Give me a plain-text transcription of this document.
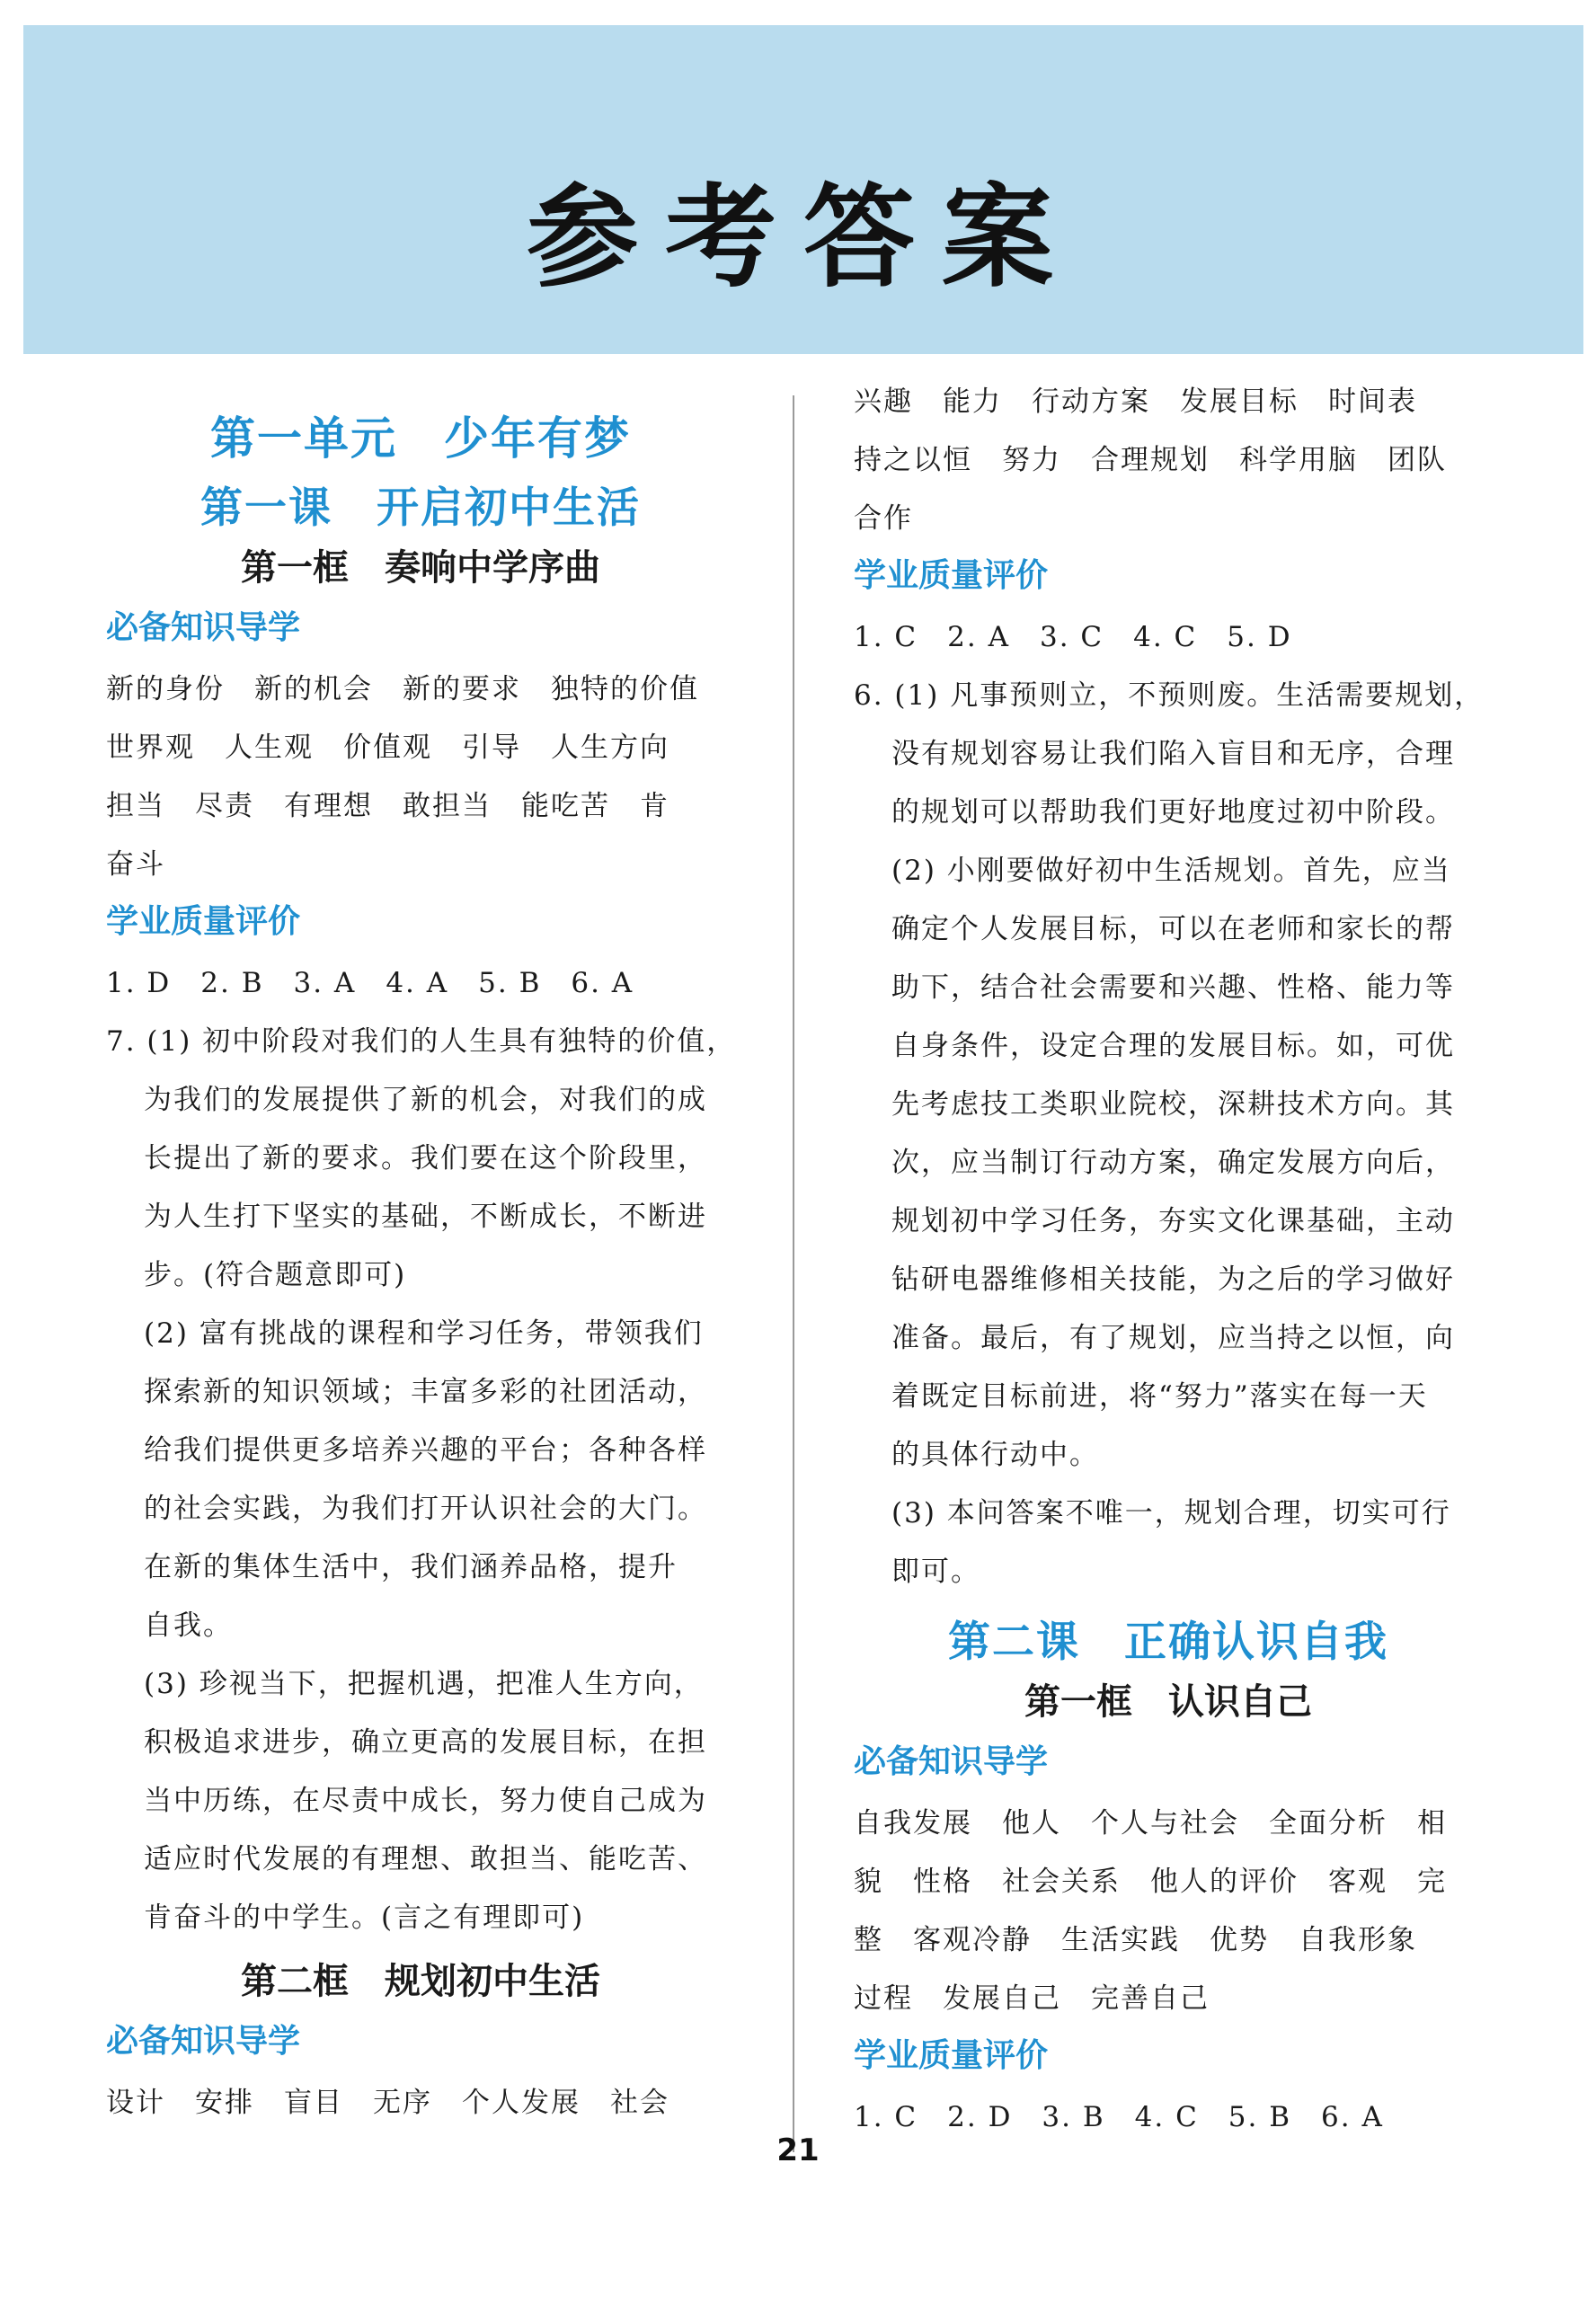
参考答案
第一单元　少年有梦
第一课　开启初中生活
第一框　奏响中学序曲
必备知识导学
新的身份　新的机会　新的要求　独特的价值
世界观　人生观　价值观　引导　人生方向
担当　尽责　有理想　敢担当　能吃苦　肯
奋斗
学业质量评价
1. D　2. B　3. A　4. A　5. B　6. A
7. (1) 初中阶段对我们的人生具有独特的价值，
为我们的发展提供了新的机会，对我们的成
长提出了新的要求。我们要在这个阶段里，
为人生打下坚实的基础，不断成长，不断进
步。(符合题意即可)
(2) 富有挑战的课程和学习任务，带领我们
探索新的知识领域；丰富多彩的社团活动，
给我们提供更多培养兴趣的平台；各种各样
的社会实践，为我们打开认识社会的大门。
在新的集体生活中，我们涵养品格，提升
自我。
(3) 珍视当下，把握机遇，把准人生方向，
积极追求进步，确立更高的发展目标，在担
当中历练，在尽责中成长，努力使自己成为
适应时代发展的有理想、敢担当、能吃苦、
肯奋斗的中学生。(言之有理即可)
第二框　规划初中生活
必备知识导学
设计　安排　盲目　无序　个人发展　社会
兴趣　能力　行动方案　发展目标　时间表
持之以恒　努力　合理规划　科学用脑　团队
合作
学业质量评价
1. C　2. A　3. C　4. C　5. D
6. (1) 凡事预则立，不预则废。生活需要规划，
没有规划容易让我们陷入盲目和无序，合理
的规划可以帮助我们更好地度过初中阶段。
(2) 小刚要做好初中生活规划。首先，应当
确定个人发展目标，可以在老师和家长的帮
助下，结合社会需要和兴趣、性格、能力等
自身条件，设定合理的发展目标。如，可优
先考虑技工类职业院校，深耕技术方向。其
次，应当制订行动方案，确定发展方向后，
规划初中学习任务，夯实文化课基础，主动
钻研电器维修相关技能，为之后的学习做好
准备。最后，有了规划，应当持之以恒，向
着既定目标前进，将“努力”落实在每一天
的具体行动中。
(3) 本问答案不唯一，规划合理，切实可行
即可。
第二课　正确认识自我
第一框　认识自己
必备知识导学
自我发展　他人　个人与社会　全面分析　相
貌　性格　社会关系　他人的评价　客观　完
整　客观冷静　生活实践　优势　自我形象
过程　发展自己　完善自己
学业质量评价
1. C　2. D　3. B　4. C　5. B　6. A
21
